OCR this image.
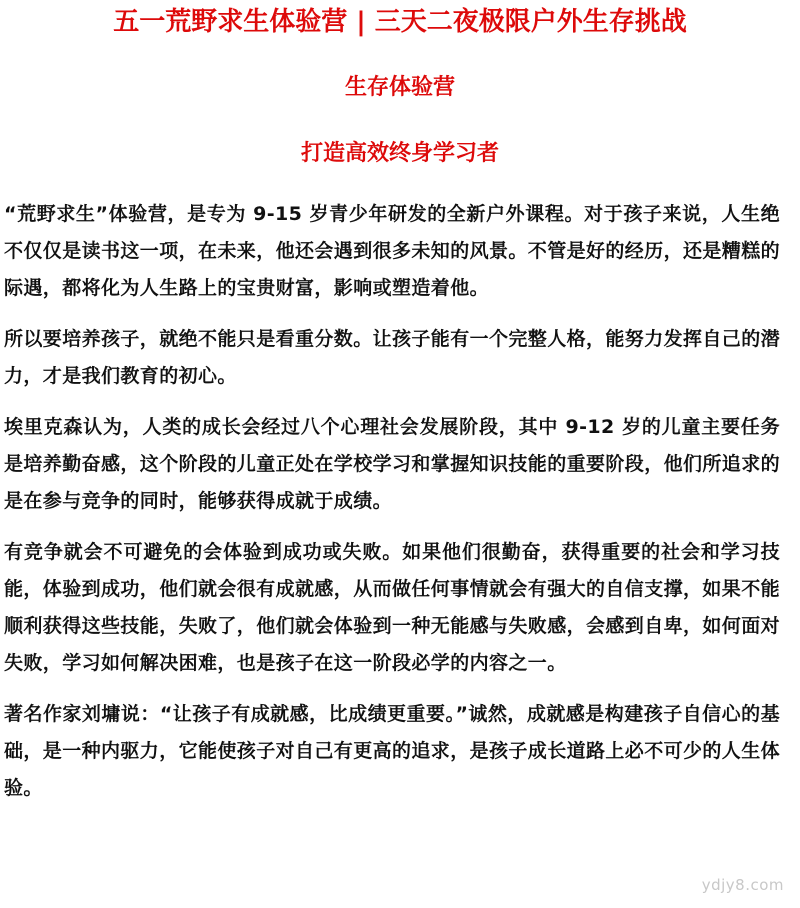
五一荒野求生体验营 | 三天二夜极限户外生存挑战
生存体验营
打造高效终身学习者

“荒野求生”体验营，是专为 9-15 岁青少年研发的全新户外课程。对于孩子来说，人生绝不仅仅是读书这一项，在未来，他还会遇到很多未知的风景。不管是好的经历，还是糟糕的际遇，都将化为人生路上的宝贵财富，影响或塑造着他。

所以要培养孩子，就绝不能只是看重分数。让孩子能有一个完整人格，能努力发挥自己的潜力，才是我们教育的初心。

埃里克森认为，人类的成长会经过八个心理社会发展阶段，其中 9-12 岁的儿童主要任务是培养勤奋感，这个阶段的儿童正处在学校学习和掌握知识技能的重要阶段，他们所追求的是在参与竞争的同时，能够获得成就于成绩。

有竞争就会不可避免的会体验到成功或失败。如果他们很勤奋，获得重要的社会和学习技能，体验到成功，他们就会很有成就感，从而做任何事情就会有强大的自信支撑，如果不能顺利获得这些技能，失败了，他们就会体验到一种无能感与失败感，会感到自卑，如何面对失败，学习如何解决困难，也是孩子在这一阶段必学的内容之一。

著名作家刘墉说：“让孩子有成就感，比成绩更重要。”诚然，成就感是构建孩子自信心的基础，是一种内驱力，它能使孩子对自己有更高的追求，是孩子成长道路上必不可少的人生体验。

ydjy8.com
